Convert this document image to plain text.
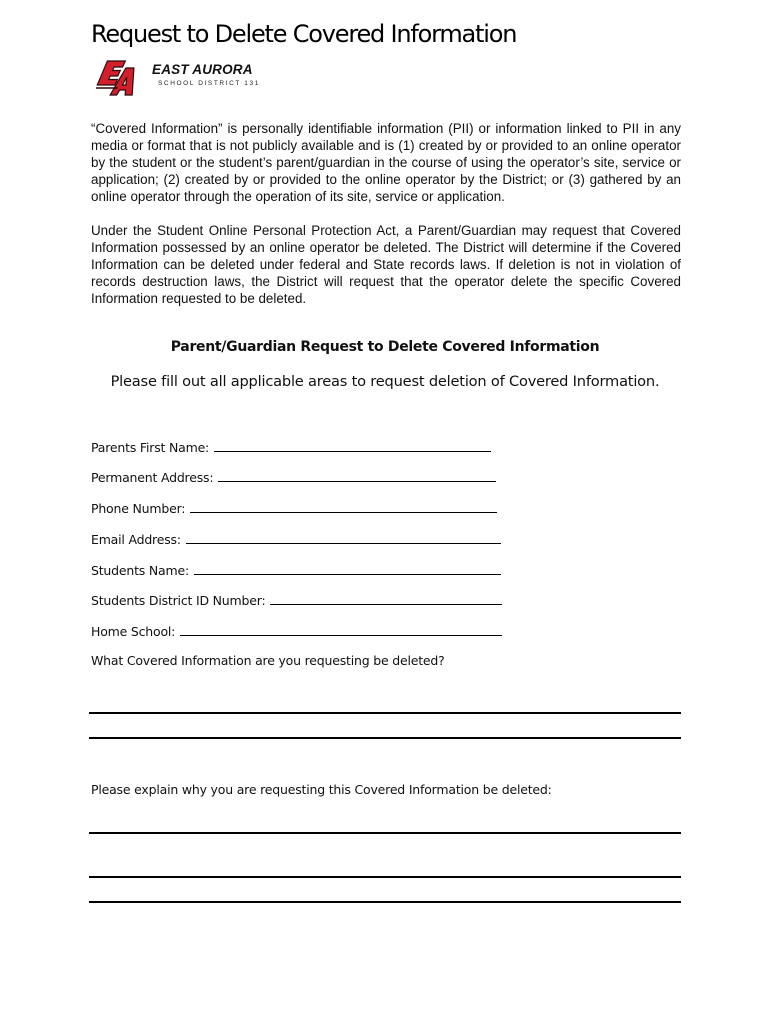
Request to Delete Covered Information
EAST AURORA
SCHOOL DISTRICT 131
“Covered Information” is personally identifiable information (PII) or information linked to PII in any media or format that is not publicly available and is (1) created by or provided to an online operator by the student or the student’s parent/guardian in the course of using the operator’s site, service or application; (2) created by or provided to the online operator by the District; or (3) gathered by an online operator through the operation of its site, service or application.
Under the Student Online Personal Protection Act, a Parent/Guardian may request that Covered Information possessed by an online operator be deleted. The District will determine if the Covered Information can be deleted under federal and State records laws. If deletion is not in violation of records destruction laws, the District will request that the operator delete the specific Covered Information requested to be deleted.
Parent/Guardian Request to Delete Covered Information
Please fill out all applicable areas to request deletion of Covered Information.
Parents First Name:
Permanent Address:
Phone Number:
Email Address:
Students Name:
Students District ID Number:
Home School:
What Covered Information are you requesting be deleted?
Please explain why you are requesting this Covered Information be deleted:
